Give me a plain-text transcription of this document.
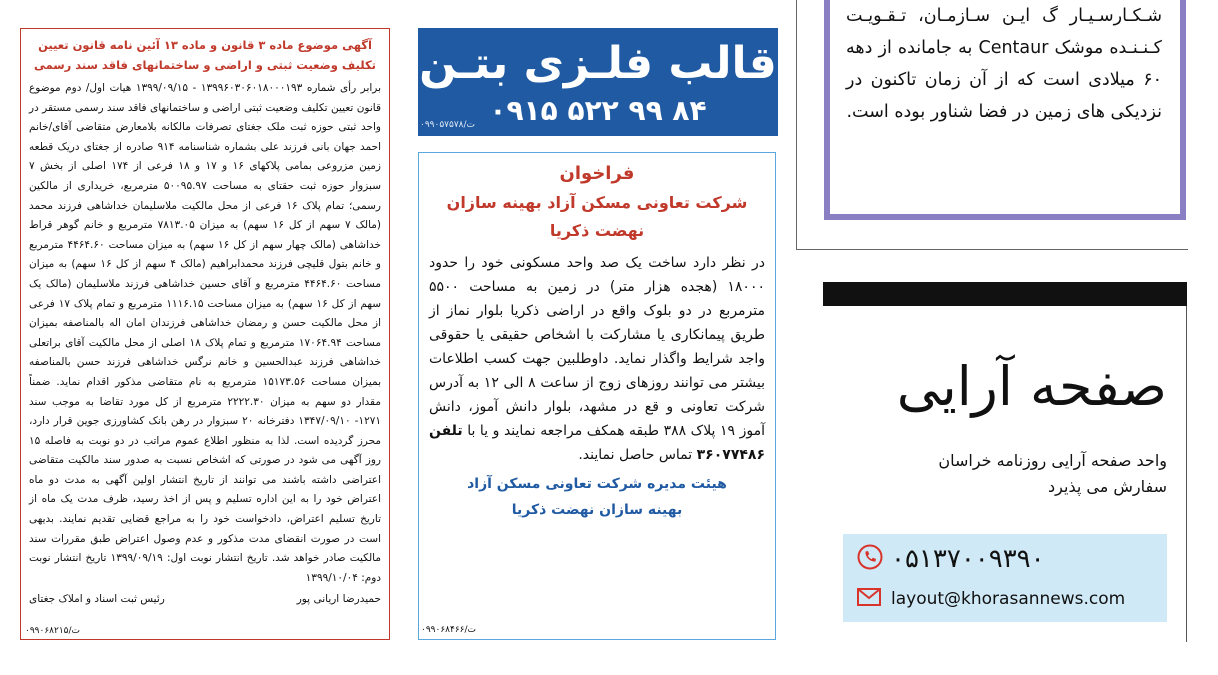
آگهی موضوع ماده ۳ قانون و ماده ۱۳ آئین نامه قانون تعیین تکلیف وضعیت ثبتی و اراضی و ساختمانهای فاقد سند رسمی
برابر رأی شماره ۱۳۹۹۶۰۳۰۶۰۱۸۰۰۰۱۹۳ - ۱۳۹۹/۰۹/۱۵ هیات اول/ دوم موضوع قانون تعیین تکلیف وضعیت ثبتی اراضی و ساختمانهای فاقد سند رسمی مستقر در واحد ثبتی حوزه ثبت ملک جغتای تصرفات مالکانه بلامعارض متقاضی آقای/خانم احمد جهان بانی فرزند علی بشماره شناسنامه ۹۱۴ صادره از جغتای دریک قطعه زمین مزروعی بمامی پلاکهای ۱۶ و ۱۷ و ۱۸ فرعی از ۱۷۴ اصلی از بخش ۷ سبزوار حوزه ثبت حقتای به مساحت ۵۰۰۹۵.۹۷ مترمربع، خریداری از مالکین رسمی؛ تمام پلاک ۱۶ فرعی از محل مالکیت ملاسلیمان خداشاهی فرزند محمد (مالک ۷ سهم از کل ۱۶ سهم) به میزان ۷۸۱۳.۰۵ مترمربع و خانم گوهر قراط خداشاهی (مالک چهار سهم از کل ۱۶ سهم) به میزان مساحت ۴۴۶۴.۶۰ مترمربع و خانم بتول قلیچی فرزند محمدابراهیم (مالک ۴ سهم از کل ۱۶ سهم) به میزان مساحت ۴۴۶۴.۶۰ مترمربع و آقای حسین خداشاهی فرزند ملاسلیمان (مالک یک سهم از کل ۱۶ سهم) به میزان مساحت ۱۱۱۶.۱۵ مترمربع و تمام پلاک ۱۷ فرعی از محل مالکیت حسن و رمضان خداشاهی فرزندان امان اله بالمناصفه بمیزان مساحت ۱۷۰۶۴.۹۴ مترمربع و تمام پلاک ۱۸ اصلی از محل مالکیت آقای براتعلی خداشاهی فرزند عبدالحسین و خانم نرگس خداشاهی فرزند حسن بالمناصفه بمیزان مساحت ۱۵۱۷۳.۵۶ مترمربع به نام متقاضی مذکور اقدام نماید. ضمناً مقدار دو سهم به میزان ۲۲۲۲.۳۰ مترمربع از کل مورد تقاضا به موجب سند ۱۲۷۱- ۱۳۴۷/۰۹/۱۰ دفترخانه ۲۰ سبزوار در رهن بانک کشاورزی جوین قرار دارد، محرز گردیده است. لذا به منظور اطلاع عموم مراتب در دو نوبت به فاصله ۱۵ روز آگهی می شود در صورتی که اشخاص نسبت به صدور سند مالکیت متقاضی اعتراضی داشته باشند می توانند از تاریخ انتشار اولین آگهی به مدت دو ماه اعتراض خود را به این اداره تسلیم و پس از اخذ رسید، ظرف مدت یک ماه از تاریخ تسلیم اعتراض، دادخواست خود را به مراجع قضایی تقدیم نمایند. بدیهی است در صورت انقضای مدت مذکور و عدم وصول اعتراض طبق مقررات سند مالکیت صادر خواهد شد. تاریخ انتشار نوبت اول: ۱۳۹۹/۰۹/۱۹ تاریخ انتشار نوبت دوم: ۱۳۹۹/۱۰/۰۴
حمیدرضا اریانی پور
رئیس ثبت اسناد و املاک جغتای
۰۹۹۰۶۸۲۱۵/ت
قالب فلـزی بتـن
۰۹۱۵ ۵۲۲ ۹۹ ۸۴
۰۹۹۰۵۷۵۷۸/ت
فراخوان
شرکت تعاونی مسکن آزاد بهینه سازان
نهضت ذکریا
در نظر دارد ساخت یک صد واحد مسکونی خود را حدود ۱۸۰۰۰ (هجده هزار متر) در زمین به مساحت ۵۵۰۰ مترمربع در دو بلوک واقع در اراضی ذکریا بلوار نماز از طریق پیمانکاری یا مشارکت با اشخاص حقیقی یا حقوقی واجد شرایط واگذار نماید. داوطلبین جهت کسب اطلاعات بیشتر می توانند روزهای زوج از ساعت ۸ الی ۱۲ به آدرس شرکت تعاونی و قع در مشهد، بلوار دانش آموز، دانش آموز ۱۹ پلاک ۳۸۸ طبقه همکف مراجعه نمایند و یا با تلفن ۳۶۰۷۷۴۸۶ تماس حاصل نمایند.
هیئت مدیره شرکت تعاونی مسکن آزاد
بهینه سازان نهضت ذکریا
۰۹۹۰۶۸۴۶۶/ت
شـکـارسـیـار گ ایـن سـازمـان، تـقـویـت کـنـنـده موشک Centaur به جامانده از دهه ۶۰ میلادی است که از آن زمان تاکنون در نزدیکی های زمین در فضا شناور بوده است.
صفحه آرایی
واحد صفحه آرایی روزنامه خراسان
سفارش می پذیرد
۰۵۱۳۷۰۰۹۳۹۰
layout@khorasannews.com
